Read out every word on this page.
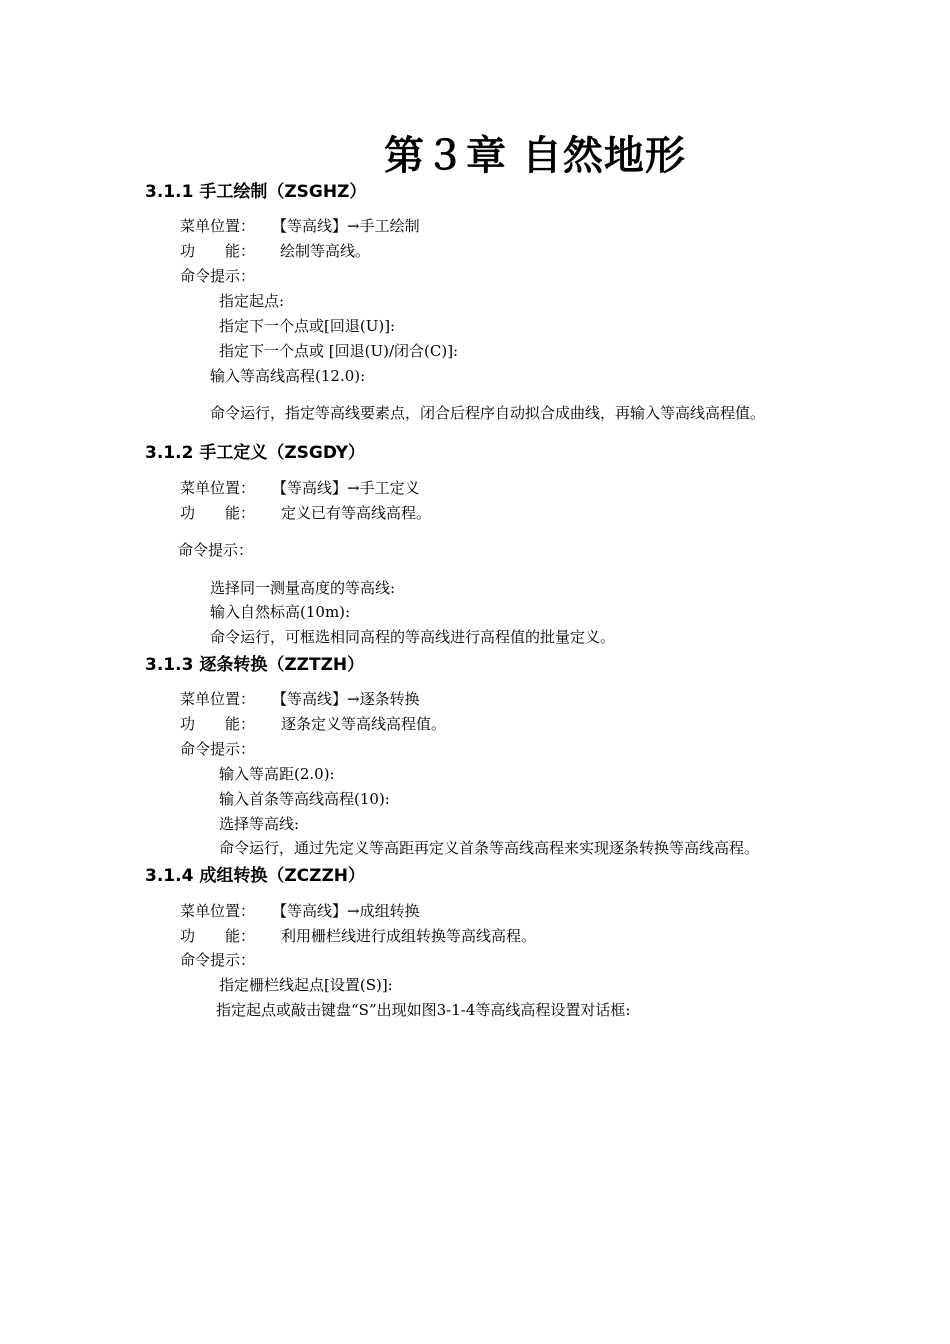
第３章 自然地形
3.1.1 手工绘制（ZSGHZ）
菜单位置： 【等高线】→手工绘制
功　　能： 绘制等高线。
命令提示：
指定起点:
指定下一个点或[回退(U)]:
指定下一个点或 [回退(U)/闭合(C)]:
输入等高线高程(12.0):
命令运行，指定等高线要素点，闭合后程序自动拟合成曲线，再输入等高线高程值。
3.1.2 手工定义（ZSGDY）
菜单位置： 【等高线】→手工定义
功　　能： 定义已有等高线高程。
命令提示：
选择同一测量高度的等高线:
输入自然标高(10m):
命令运行，可框选相同高程的等高线进行高程值的批量定义。
3.1.3 逐条转换（ZZTZH）
菜单位置： 【等高线】→逐条转换
功　　能： 逐条定义等高线高程值。
命令提示：
输入等高距(2.0):
输入首条等高线高程(10):
选择等高线:
命令运行，通过先定义等高距再定义首条等高线高程来实现逐条转换等高线高程。
3.1.4 成组转换（ZCZZH）
菜单位置： 【等高线】→成组转换
功　　能： 利用栅栏线进行成组转换等高线高程。
命令提示：
指定栅栏线起点[设置(S)]:
指定起点或敲击键盘“S”出现如图3-1-4等高线高程设置对话框:
